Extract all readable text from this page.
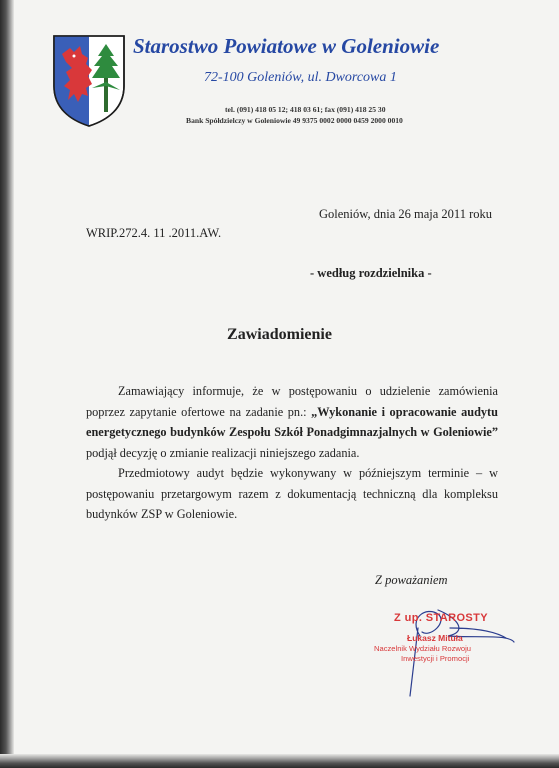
Starostwo Powiatowe w Goleniowie
72-100 Goleniów, ul. Dworcowa 1
tel. (091) 418 05 12; 418 03 61; fax (091) 418 25 30
Bank Spółdzielczy w Goleniowie 49 9375 0002 0000 0459 2000 0010
Goleniów, dnia 26 maja 2011 roku
WRIP.272.4. 11 .2011.AW.
- według rozdzielnika -
Zawiadomienie

Zamawiający informuje, że w postępowaniu o udzielenie zamówienia poprzez zapytanie ofertowe na zadanie pn.: „Wykonanie i opracowanie audytu energetycznego budynków Zespołu Szkół Ponadgimnazjalnych w Goleniowie” podjął decyzję o zmianie realizacji niniejszego zadania.

Przedmiotowy audyt będzie wykonywany w późniejszym terminie – w postępowaniu przetargowym razem z dokumentacją techniczną dla kompleksu budynków ZSP w Goleniowie.

Z poważaniem
Z up. STAROSTY
Łukasz Mituła
Naczelnik Wydziału Rozwoju
Inwestycji i Promocji
